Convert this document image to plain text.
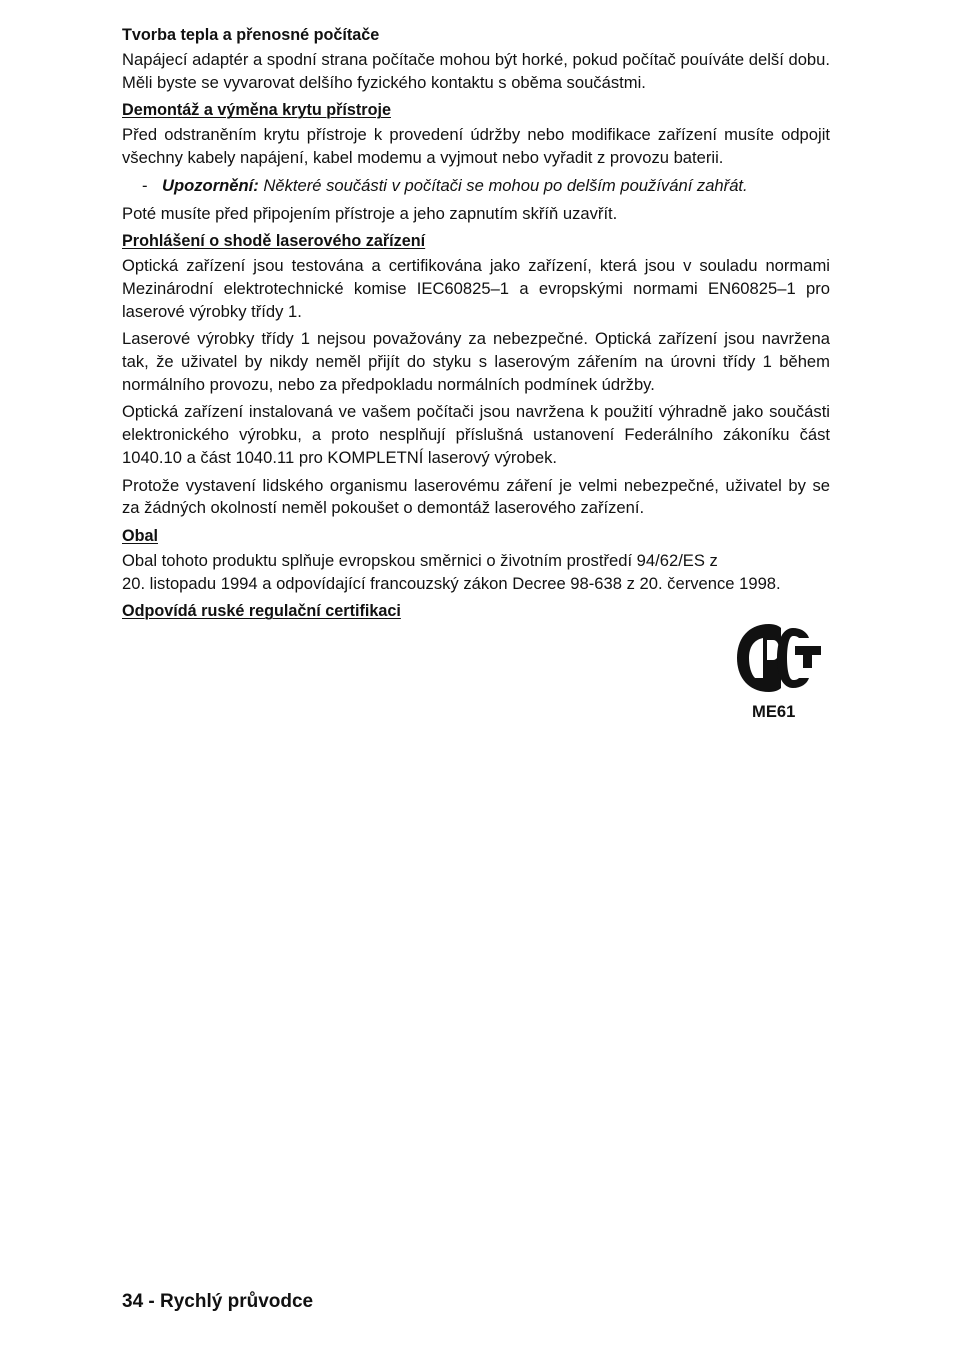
Tvorba tepla a přenosné počítače

Napájecí adaptér a spodní strana počítače mohou být horké, pokud počítač pouíváte delší dobu. Měli byste se vyvarovat delšího fyzického kontaktu s oběma součástmi.

Demontáž a výměna krytu přístroje

Před odstraněním krytu přístroje k provedení údržby nebo modifikace zařízení musíte odpojit všechny kabely napájení, kabel modemu a vyjmout nebo vyřadit z provozu baterii.

- Upozornění: Některé součásti v počítači se mohou po delším používání zahřát.

Poté musíte před připojením přístroje a jeho zapnutím skříň uzavřít.

Prohlášení o shodě laserového zařízení

Optická zařízení jsou testována a certifikována jako zařízení, která jsou v souladu normami Mezinárodní elektrotechnické komise IEC60825–1 a evropskými normami EN60825–1 pro laserové výrobky třídy 1.

Laserové výrobky třídy 1 nejsou považovány za nebezpečné. Optická zařízení jsou navržena tak, že uživatel by nikdy neměl přijít do styku s laserovým zářením na úrovni třídy 1 během normálního provozu, nebo za předpokladu normálních podmínek údržby.

Optická zařízení instalovaná ve vašem počítači jsou navržena k použití výhradně jako součásti elektronického výrobku, a proto nesplňují příslušná ustanovení Federálního zákoníku část 1040.10 a část 1040.11 pro KOMPLETNÍ laserový výrobek.

Protože vystavení lidského organismu laserovému záření je velmi nebezpečné, uživatel by se za žádných okolností neměl pokoušet o demontáž laserového zařízení.

Obal

Obal tohoto produktu splňuje evropskou směrnici o životním prostředí 94/62/ES z

20. listopadu 1994 a odpovídající francouzský zákon Decree 98-638 z 20. července 1998.

Odpovídá ruské regulační certifikaci
ME61
34 - Rychlý průvodce
